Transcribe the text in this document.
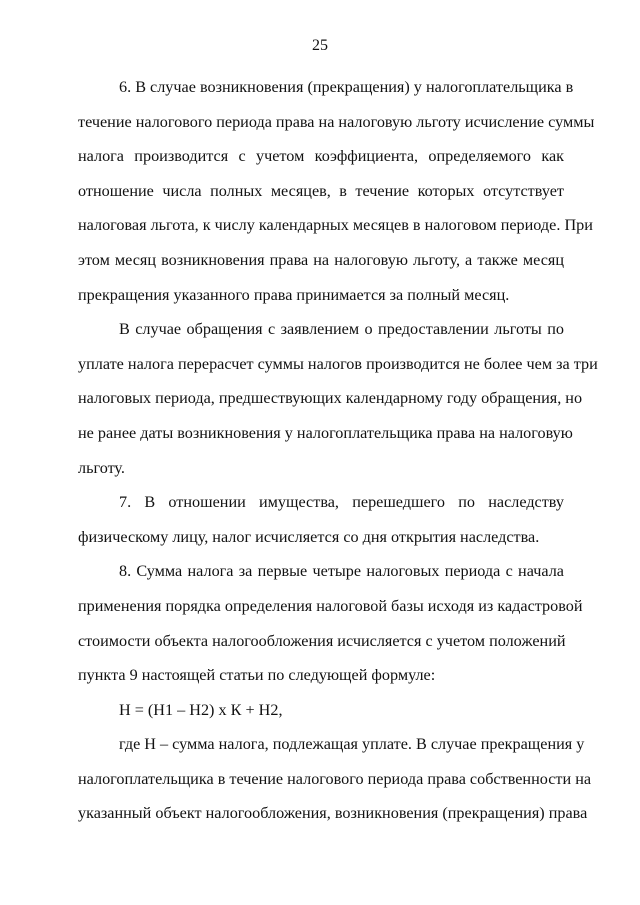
25
6. В случае возникновения (прекращения) у налогоплательщика в
течение налогового периода права на налоговую льготу исчисление суммы
налога производится с учетом коэффициента, определяемого как
отношение числа полных месяцев, в течение которых отсутствует
налоговая льгота, к числу календарных месяцев в налоговом периоде. При
этом месяц возникновения права на налоговую льготу, а также месяц
прекращения указанного права принимается за полный месяц.
В случае обращения с заявлением о предоставлении льготы по
уплате налога перерасчет суммы налогов производится не более чем за три
налоговых периода, предшествующих календарному году обращения, но
не ранее даты возникновения у налогоплательщика права на налоговую
льготу.
7. В отношении имущества, перешедшего по наследству
физическому лицу, налог исчисляется со дня открытия наследства.
8. Сумма налога за первые четыре налоговых периода с начала
применения порядка определения налоговой базы исходя из кадастровой
стоимости объекта налогообложения исчисляется с учетом положений
пункта 9 настоящей статьи по следующей формуле:
Н = (Н1 – Н2) х К + Н2,
где Н – сумма налога, подлежащая уплате. В случае прекращения у
налогоплательщика в течение налогового периода права собственности на
указанный объект налогообложения, возникновения (прекращения) права
